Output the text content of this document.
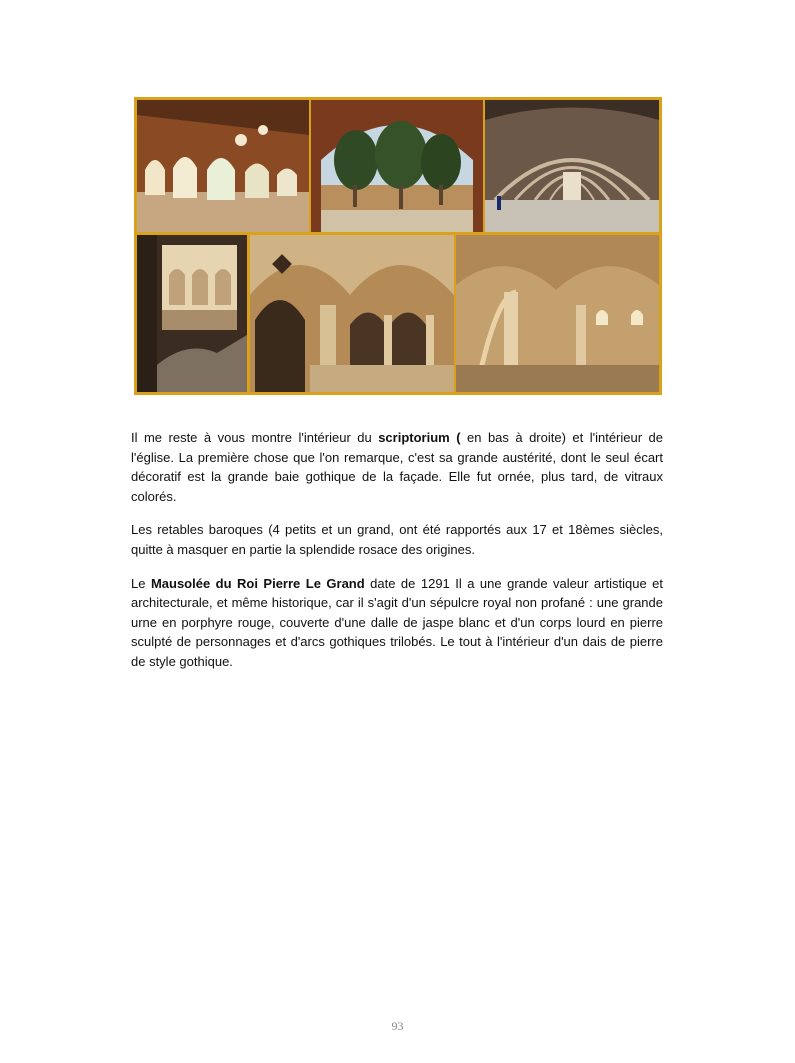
Il me reste à vous montre l'intérieur du scriptorium ( en bas à droite) et l'intérieur de l'église. La première chose que l'on remarque, c'est sa grande austérité, dont le seul écart décoratif est la grande baie gothique de la façade. Elle fut ornée, plus tard, de vitraux colorés.

Les retables baroques (4 petits et un grand, ont été rapportés aux 17 et 18èmes siècles, quitte à masquer en partie la splendide rosace des origines.

Le Mausolée du Roi Pierre Le Grand date de 1291 Il a une grande valeur artistique et architecturale, et même historique, car il s'agit d'un sépulcre royal non profané : une grande urne en porphyre rouge, couverte d'une dalle de jaspe blanc et d'un corps lourd en pierre sculpté de personnages et d'arcs gothiques trilobés. Le tout à l'intérieur d'un dais de pierre de style gothique.

93
